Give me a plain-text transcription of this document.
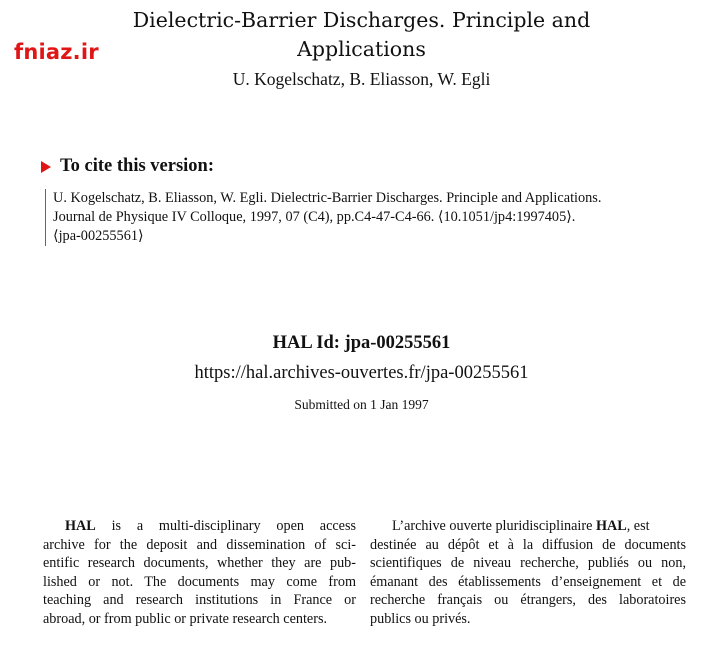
fniaz.ir
Dielectric-Barrier Discharges. Principle and
Applications
U. Kogelschatz, B. Eliasson, W. Egli
To cite this version:
U. Kogelschatz, B. Eliasson, W. Egli. Dielectric-Barrier Discharges. Principle and Applications.
Journal de Physique IV Colloque, 1997, 07 (C4), pp.C4-47-C4-66. ⟨10.1051/jp4:1997405⟩.
⟨jpa-00255561⟩
HAL Id: jpa-00255561
https://hal.archives-ouvertes.fr/jpa-00255561
Submitted on 1 Jan 1997
HAL is a multi-disciplinary open access
archive for the deposit and dissemination of sci-
entific research documents, whether they are pub-
lished or not. The documents may come from
teaching and research institutions in France or
abroad, or from public or private research centers.
L’archive ouverte pluridisciplinaire HAL, est
destinée au dépôt et à la diffusion de documents
scientifiques de niveau recherche, publiés ou non,
émanant des établissements d’enseignement et de
recherche français ou étrangers, des laboratoires
publics ou privés.
